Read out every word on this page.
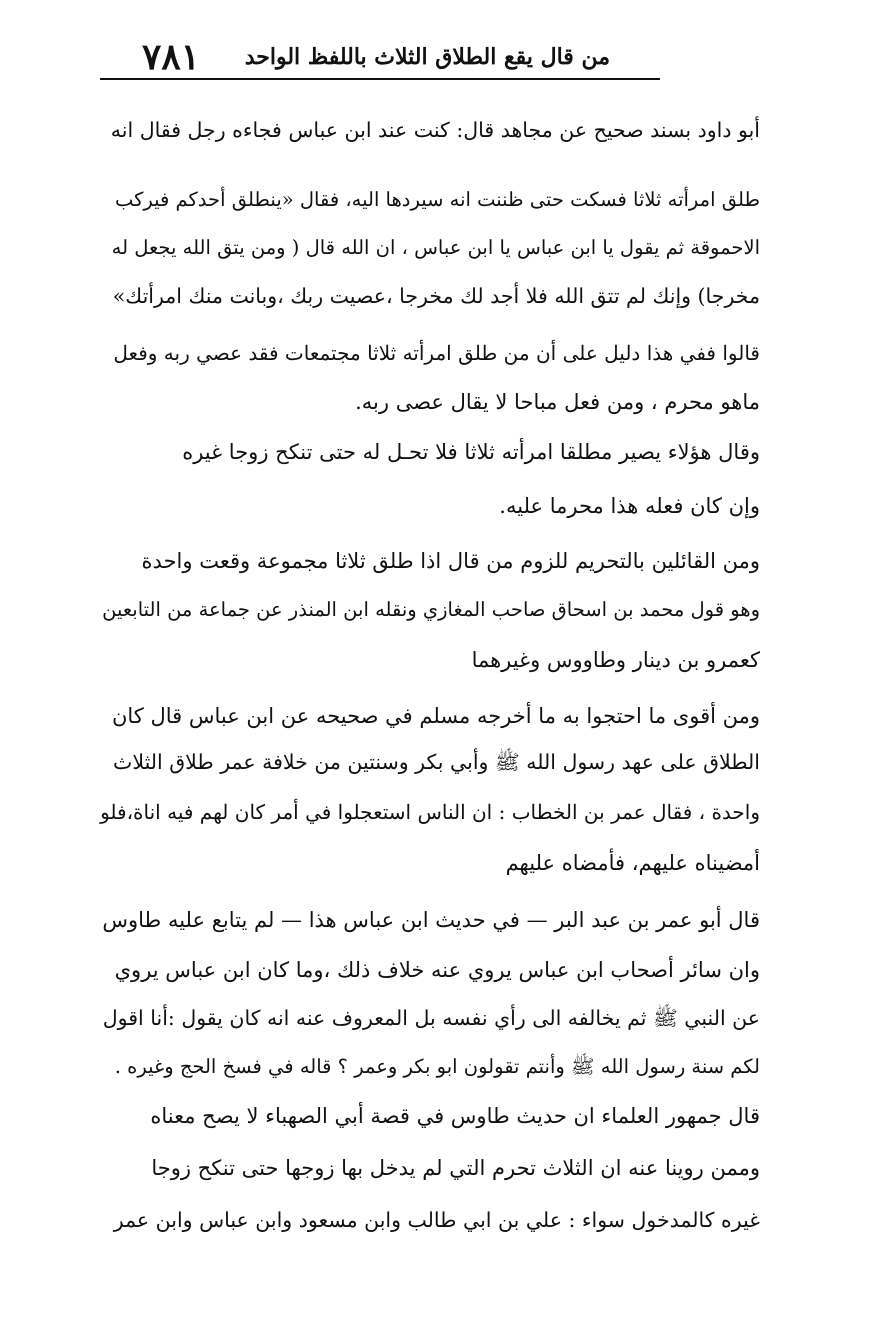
٧٨١ من قال يقع الطلاق الثلاث باللفظ الواحد
أبو داود بسند صحيح عن مجاهد قال: كنت عند ابن عباس فجاءه رجل فقال انه
طلق امرأته ثلاثا فسكت حتى ظننت انه سيردها اليه، فقال «ينطلق أحدكم فيركب
الاحموقة ثم يقول يا ابن عباس يا ابن عباس ، ان الله قال ( ومن يتق الله يجعل له
مخرجا) وإنك لم تتق الله فلا أجد لك مخرجا ،عصيت ربك ،وبانت منك امرأتك»
قالوا ففي هذا دليل على أن من طلق امرأته ثلاثا مجتمعات فقد عصي ربه وفعل
ماهو محرم ، ومن فعل مباحا لا يقال عصى ربه.
وقال هؤلاء يصير مطلقا امرأته ثلاثا فلا تحـل له حتى تنكح زوجا غيره
وإن كان فعله هذا محرما عليه.
ومن القائلين بالتحريم للزوم من قال اذا طلق ثلاثا مجموعة وقعت واحدة
وهو قول محمد بن اسحاق صاحب المغازي ونقله ابن المنذر عن جماعة من التابعين
كعمرو بن دينار وطاووس وغيرهما
ومن أقوى ما احتجوا به ما أخرجه مسلم في صحيحه عن ابن عباس قال كان
الطلاق على عهد رسول الله ﷺ وأبي بكر وسنتين من خلافة عمر طلاق الثلاث
واحدة ، فقال عمر بن الخطاب : ان الناس استعجلوا في أمر كان لهم فيه اناة،فلو
أمضيناه عليهم، فأمضاه عليهم
قال أبو عمر بن عبد البر — في حديث ابن عباس هذا — لم يتابع عليه طاوس
وان سائر أصحاب ابن عباس يروي عنه خلاف ذلك ،وما كان ابن عباس يروي
عن النبي ﷺ ثم يخالفه الى رأي نفسه بل المعروف عنه انه كان يقول :أنا اقول
لكم سنة رسول الله ﷺ وأنتم تقولون ابو بكر وعمر ؟ قاله في فسخ الحج وغيره .
قال جمهور العلماء ان حديث طاوس في قصة أبي الصهباء لا يصح معناه
وممن روينا عنه ان الثلاث تحرم التي لم يدخل بها زوجها حتى تنكح زوجا
غيره كالمدخول سواء : علي بن ابي طالب وابن مسعود وابن عباس وابن عمر
